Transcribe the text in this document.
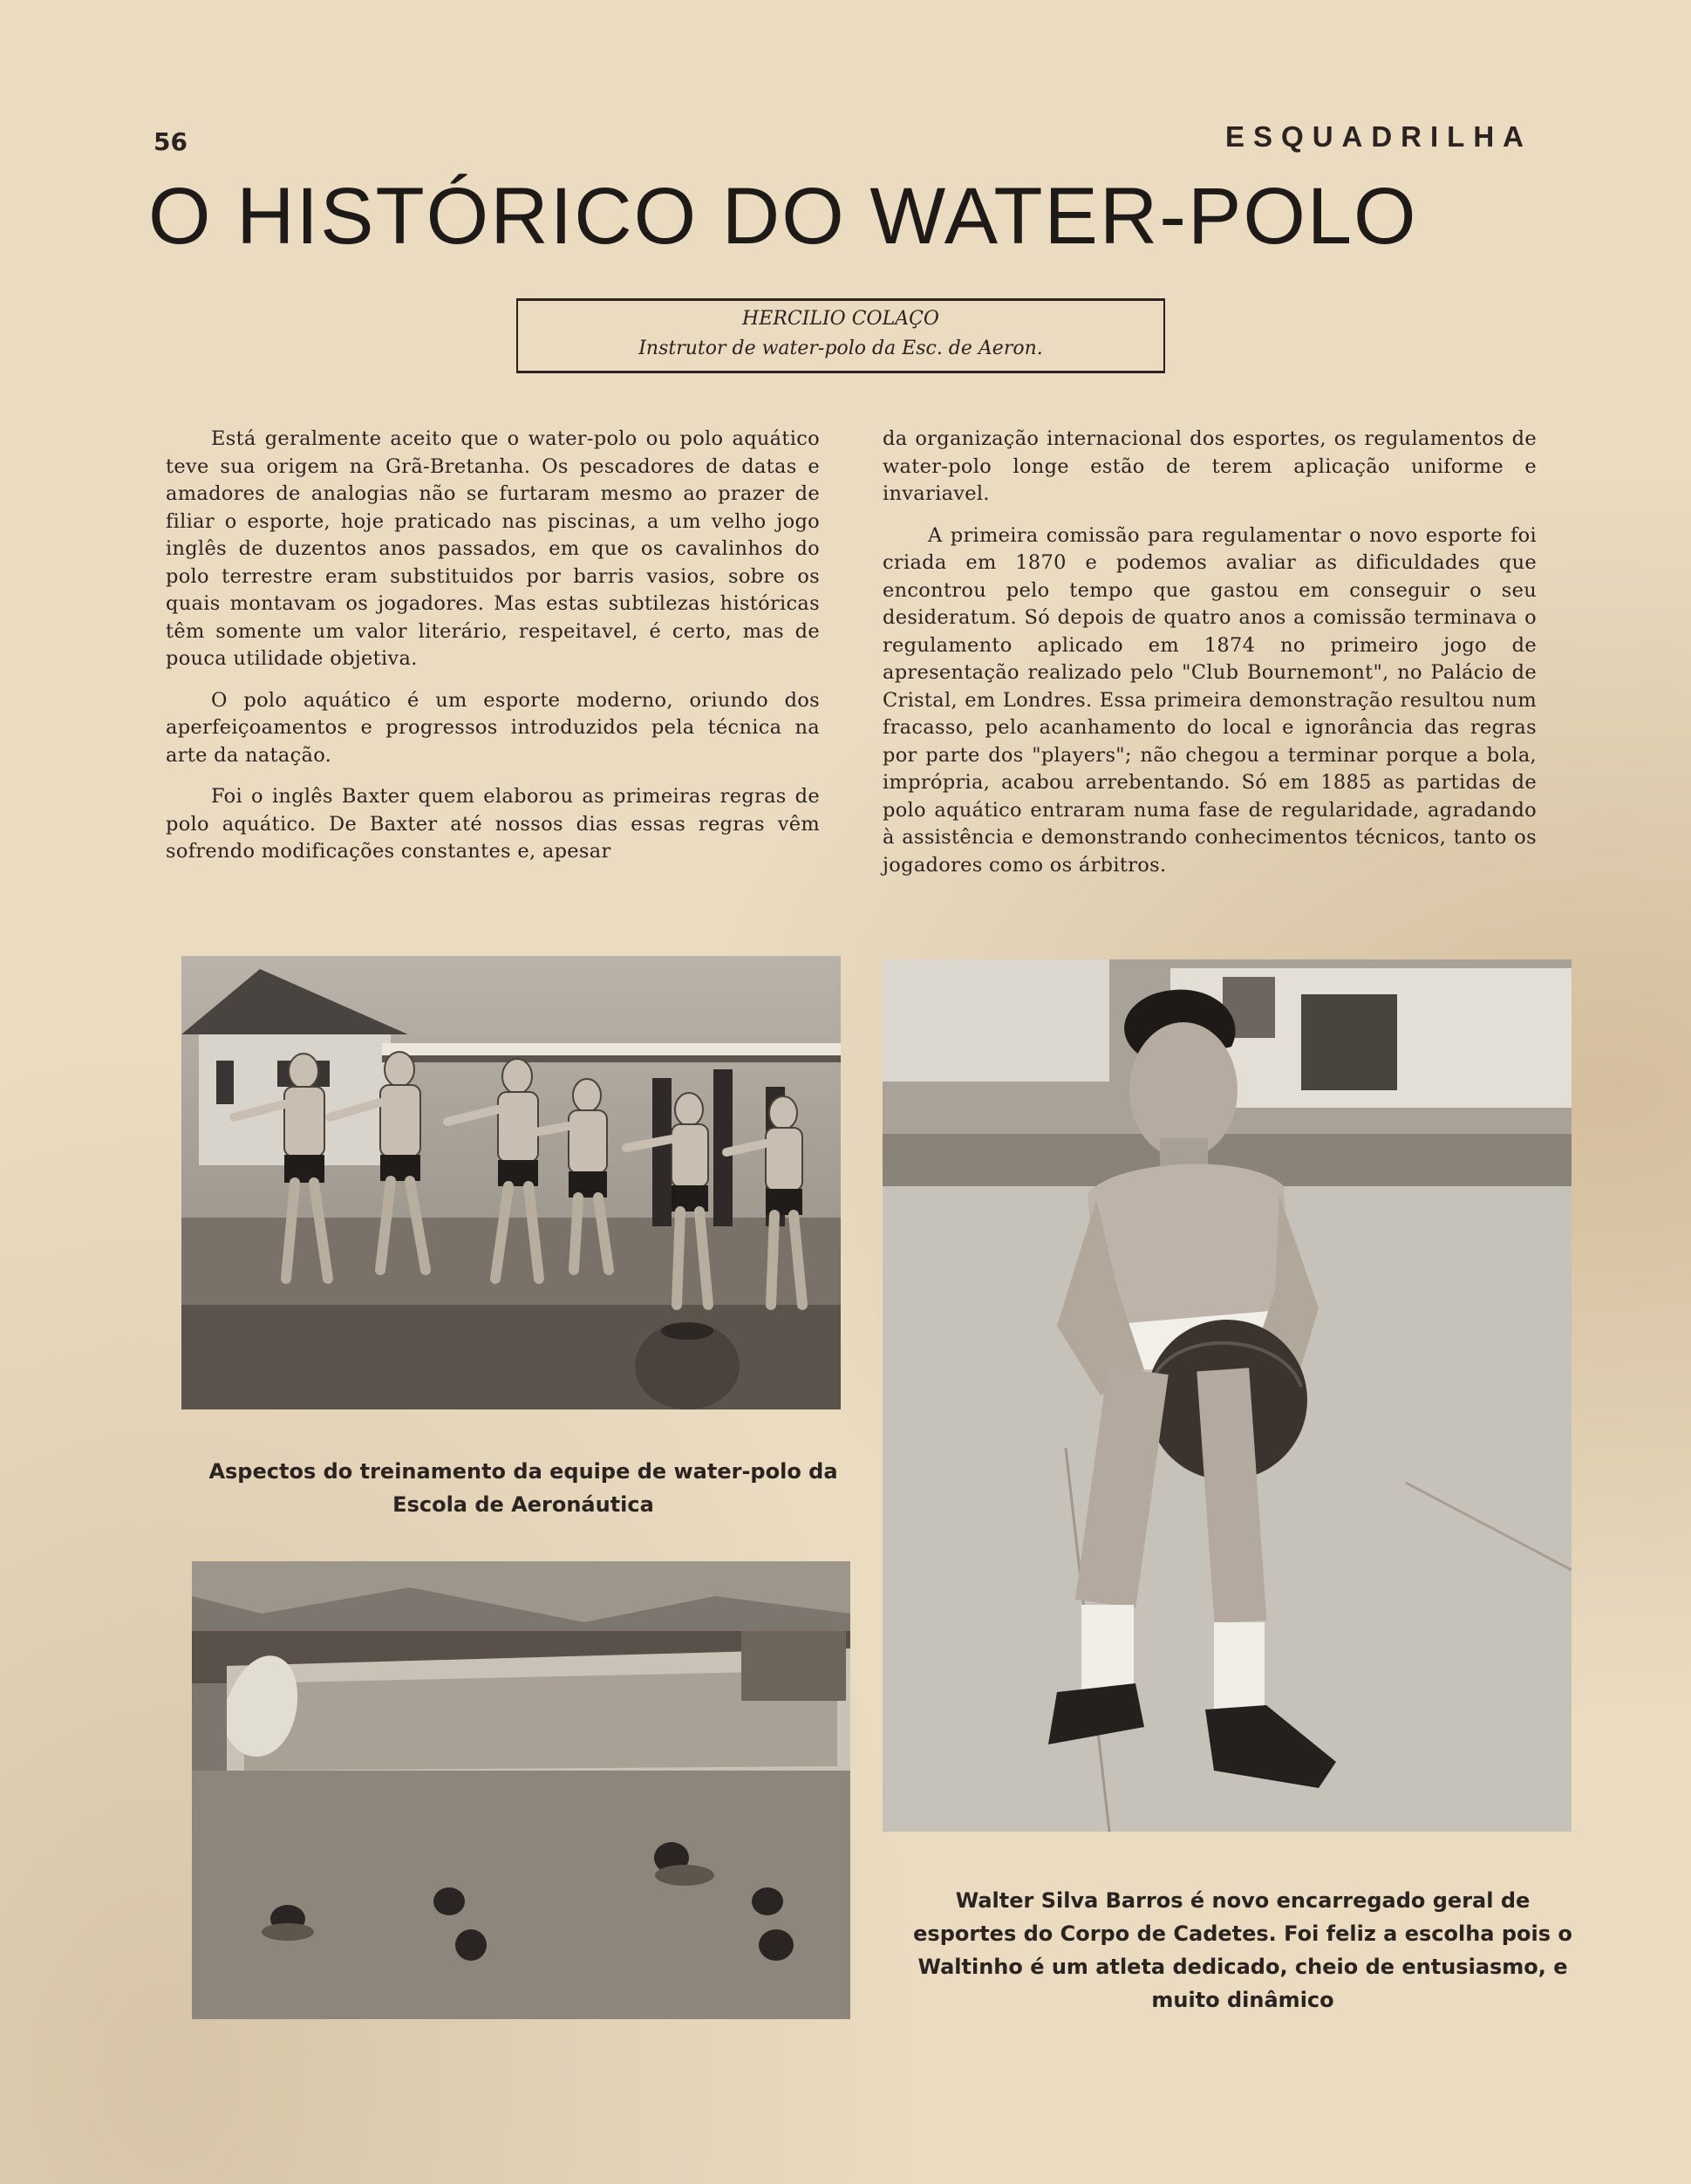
56	ESQUADRILHA
O HISTÓRICO DO WATER-POLO
HERCILIO COLAÇO
Instrutor de water-polo da Esc. de Aeron.

Está geralmente aceito que o water-polo ou polo aquático teve sua origem na Grã-Bretanha. Os pescadores de datas e amadores de analogias não se furtaram mesmo ao prazer de filiar o esporte, hoje praticado nas piscinas, a um velho jogo inglês de duzentos anos passados, em que os cavalinhos do polo terrestre eram substituidos por barris vasios, sobre os quais montavam os jogadores. Mas estas subtilezas históricas têm somente um valor literário, respeitavel, é certo, mas de pouca utilidade objetiva.

O polo aquático é um esporte moderno, oriundo dos aperfeiçoamentos e progressos introduzidos pela técnica na arte da natação.

Foi o inglês Baxter quem elaborou as primeiras regras de polo aquático. De Baxter até nossos dias essas regras vêm sofrendo modificações constantes e, apesar

da organização internacional dos esportes, os regulamentos de water-polo longe estão de terem aplicação uniforme e invariavel.

A primeira comissão para regulamentar o novo esporte foi criada em 1870 e podemos avaliar as dificuldades que encontrou pelo tempo que gastou em conseguir o seu desideratum. Só depois de quatro anos a comissão terminava o regulamento aplicado em 1874 no primeiro jogo de apresentação realizado pelo "Club Bournemont", no Palácio de Cristal, em Londres. Essa primeira demonstração resultou num fracasso, pelo acanhamento do local e ignorância das regras por parte dos "players"; não chegou a terminar porque a bola, imprópria, acabou arrebentando. Só em 1885 as partidas de polo aquático entraram numa fase de regularidade, agradando à assistência e demonstrando conhecimentos técnicos, tanto os jogadores como os árbitros.

Aspectos do treinamento da equipe de water-polo da Escola de Aeronáutica
Walter Silva Barros é novo encarregado geral de esportes do Corpo de Cadetes. Foi feliz a escolha pois o Waltinho é um atleta dedicado, cheio de entusiasmo, e muito dinâmico
